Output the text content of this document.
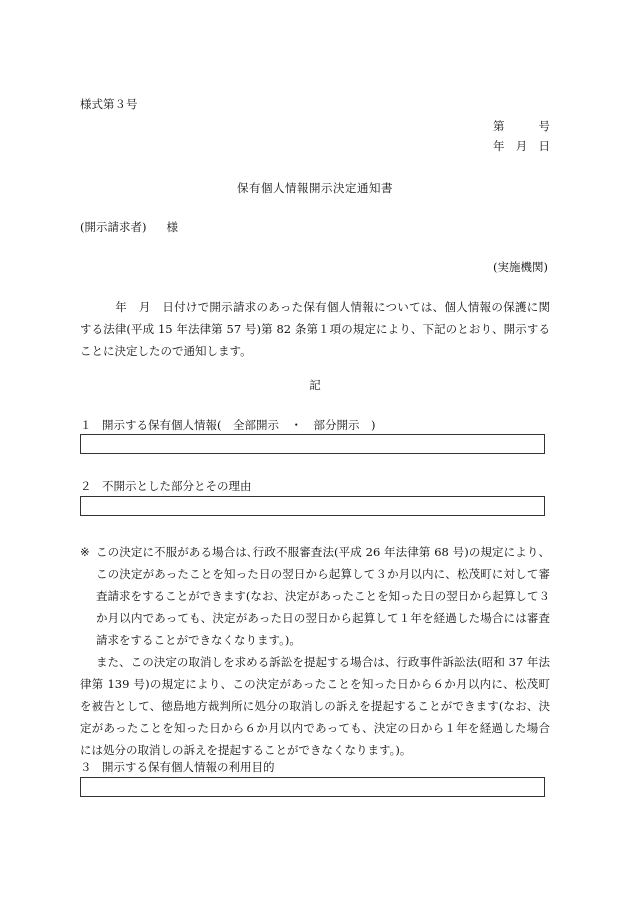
様式第３号
第	号
年 月 日
保有個人情報開示決定通知書
(開示請求者) 様
(実施機関)
　　　年　月　日付けで開示請求のあった保有個人情報については、個人情報の保護に関する法律(平成 15 年法律第 57 号)第 82 条第１項の規定により、下記のとおり、開示することに決定したので通知します。
記
１ 開示する保有個人情報(　全部開示　・　部分開示　)
２ 不開示とした部分とその理由
※ この決定に不服がある場合は､行政不服審査法(平成 26 年法律第 68 号)の規定により、この決定があったことを知った日の翌日から起算して３か月以内に、松茂町に対して審査請求をすることができます(なお、決定があったことを知った日の翌日から起算して３か月以内であっても、決定があった日の翌日から起算して１年を経過した場合には審査請求をすることができなくなります。)。
また、この決定の取消しを求める訴訟を提起する場合は、行政事件訴訟法(昭和 37 年法律第 139 号)の規定により、この決定があったことを知った日から６か月以内に、松茂町を被告として、徳島地方裁判所に処分の取消しの訴えを提起することができます(なお、決定があったことを知った日から６か月以内であっても、決定の日から１年を経過した場合には処分の取消しの訴えを提起することができなくなります。)。
３ 開示する保有個人情報の利用目的
